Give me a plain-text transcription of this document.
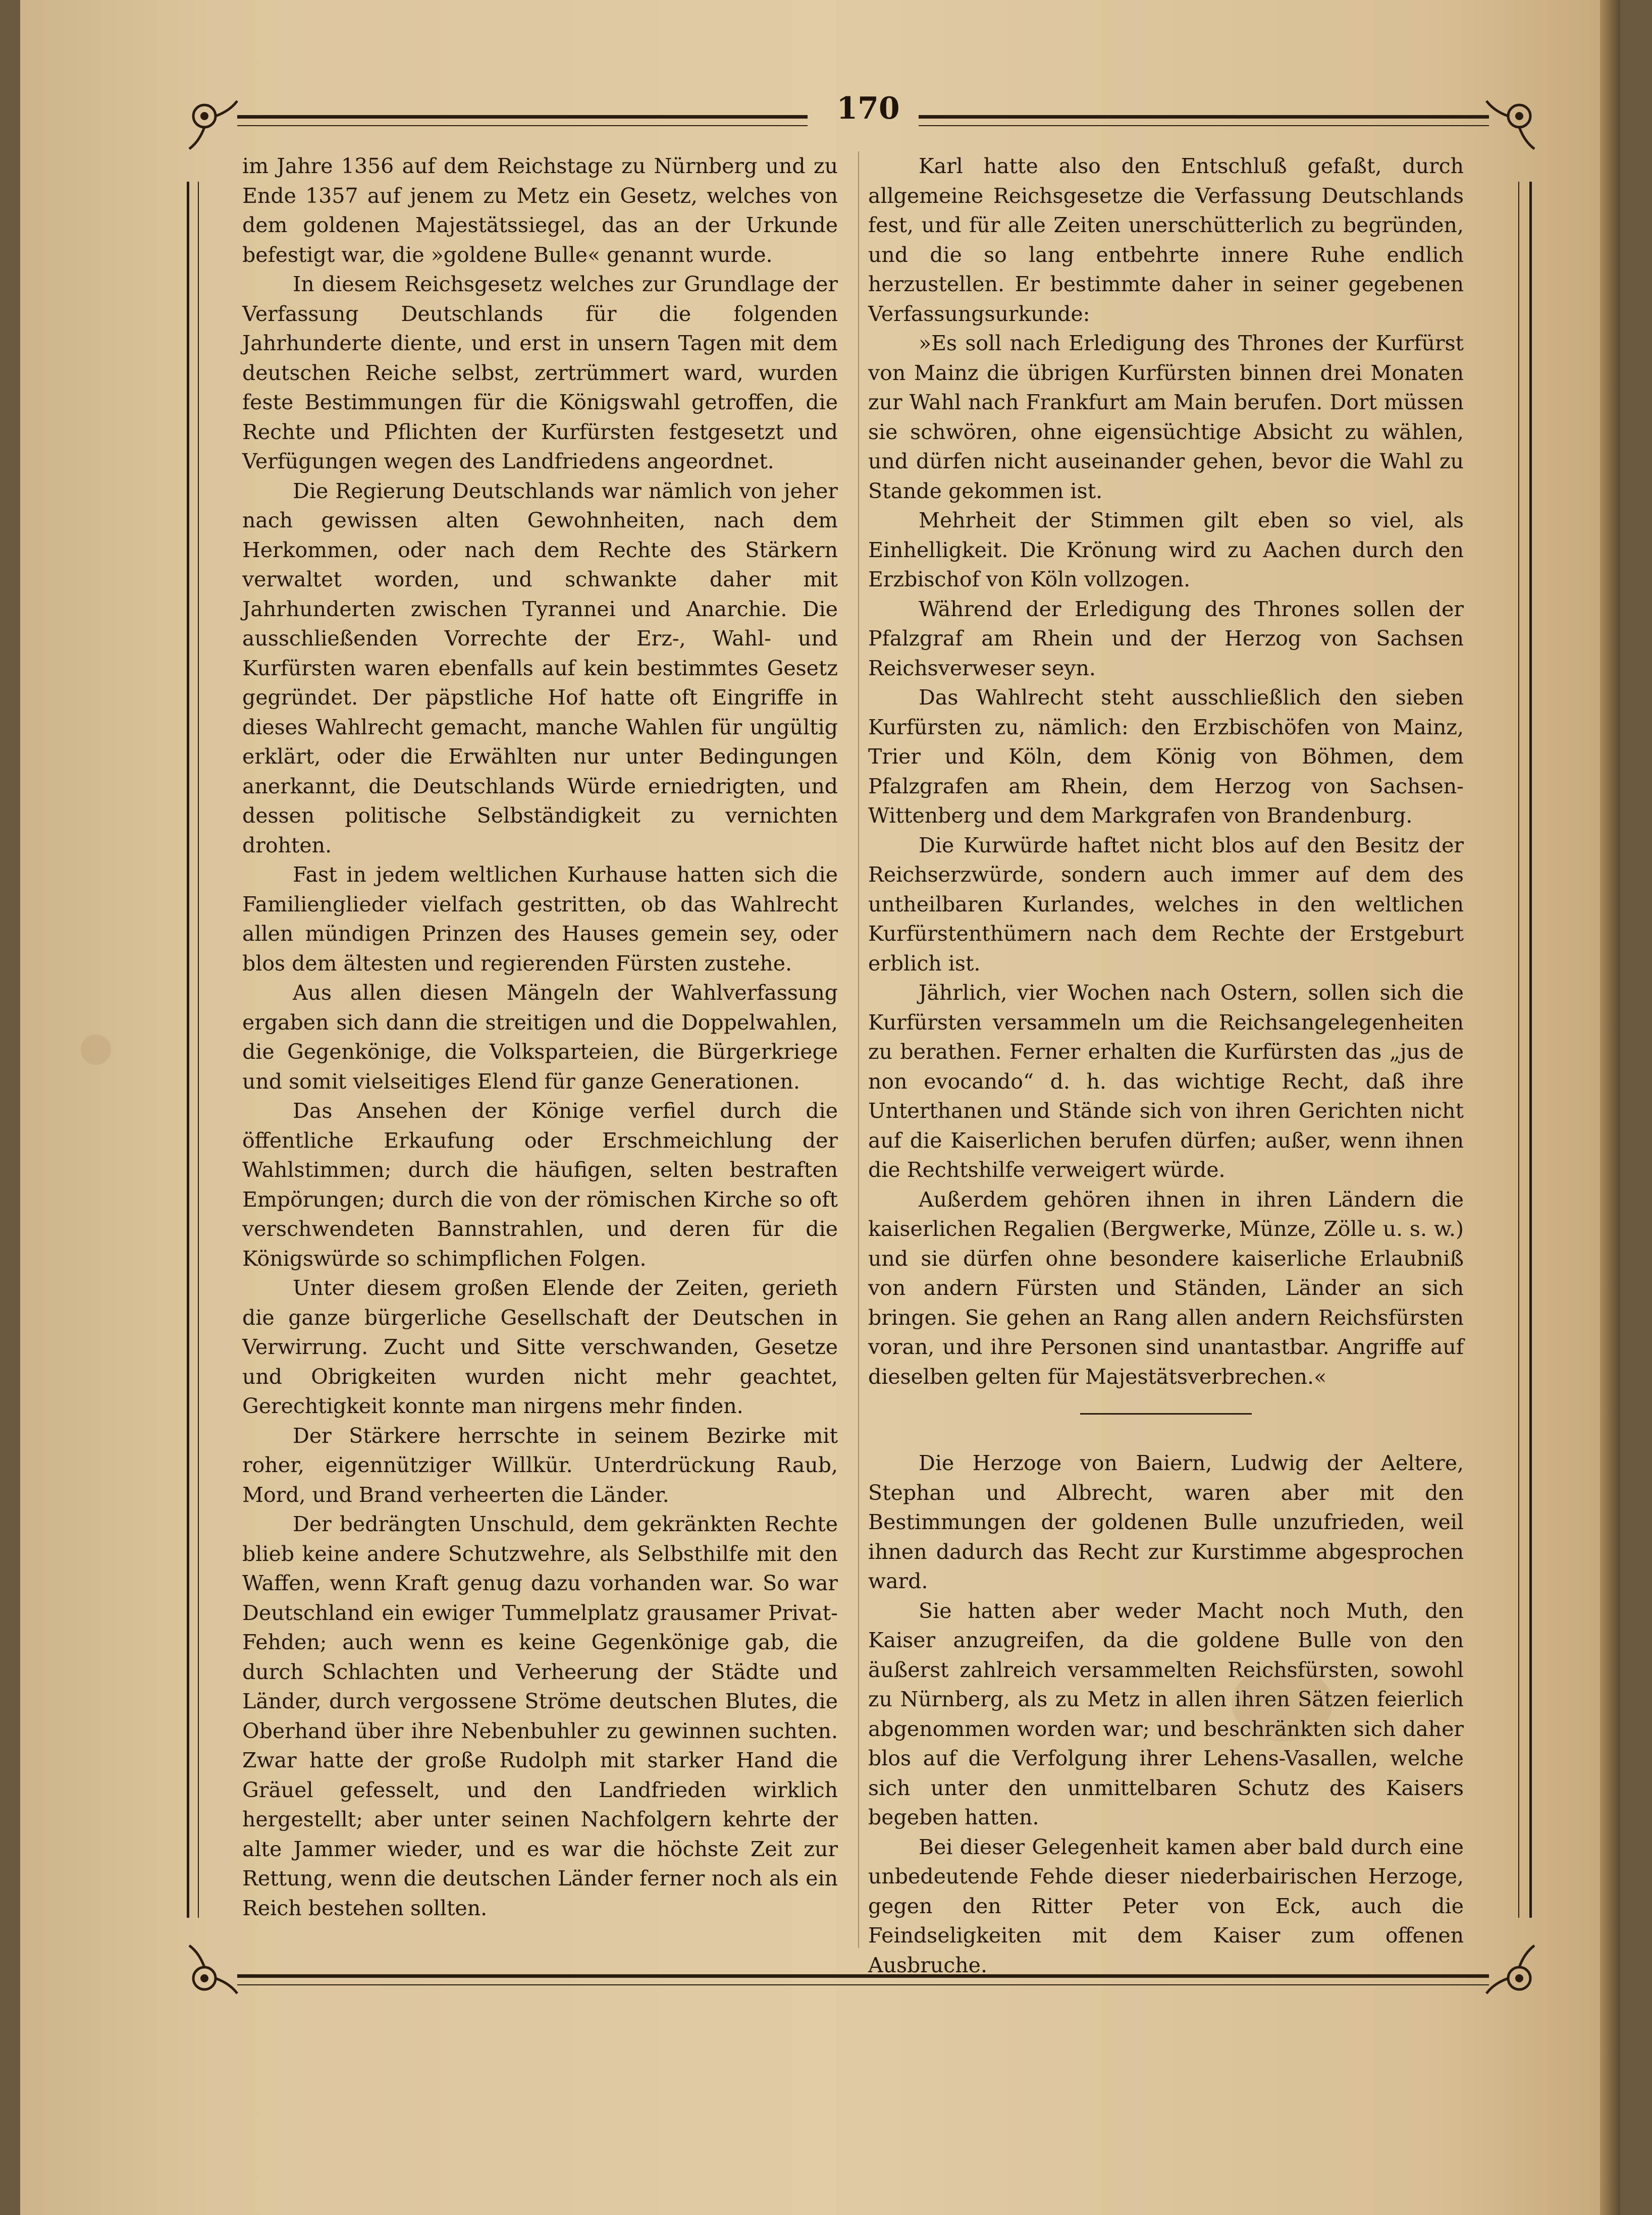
170

im Jahre 1356 auf dem Reichstage zu Nürnberg und zu Ende 1357 auf jenem zu Metz ein Gesetz, welches von dem goldenen Majestätssiegel, das an der Urkunde befestigt war, die »goldene Bulle« genannt wurde.

In diesem Reichsgesetz welches zur Grundlage der Verfassung Deutschlands für die folgenden Jahrhunderte diente, und erst in unsern Tagen mit dem deutschen Reiche selbst, zertrümmert ward, wurden feste Bestimmungen für die Königswahl getroffen, die Rechte und Pflichten der Kurfürsten festgesetzt und Verfügungen wegen des Landfriedens angeordnet.

Die Regierung Deutschlands war nämlich von jeher nach gewissen alten Gewohnheiten, nach dem Herkommen, oder nach dem Rechte des Stärkern verwaltet worden, und schwankte daher mit Jahrhunderten zwischen Tyrannei und Anarchie. Die ausschließenden Vorrechte der Erz-, Wahl- und Kurfürsten waren ebenfalls auf kein bestimmtes Gesetz gegründet. Der päpstliche Hof hatte oft Eingriffe in dieses Wahlrecht gemacht, manche Wahlen für ungültig erklärt, oder die Erwählten nur unter Bedingungen anerkannt, die Deutschlands Würde erniedrigten, und dessen politische Selbständigkeit zu vernichten drohten.

Fast in jedem weltlichen Kurhause hatten sich die Familienglieder vielfach gestritten, ob das Wahlrecht allen mündigen Prinzen des Hauses gemein sey, oder blos dem ältesten und regierenden Fürsten zustehe.

Aus allen diesen Mängeln der Wahlverfassung ergaben sich dann die streitigen und die Doppelwahlen, die Gegenkönige, die Volksparteien, die Bürgerkriege und somit vielseitiges Elend für ganze Generationen.

Das Ansehen der Könige verfiel durch die öffentliche Erkaufung oder Erschmeichlung der Wahlstimmen; durch die häufigen, selten bestraften Empörungen; durch die von der römischen Kirche so oft verschwendeten Bannstrahlen, und deren für die Königswürde so schimpflichen Folgen.

Unter diesem großen Elende der Zeiten, gerieth die ganze bürgerliche Gesellschaft der Deutschen in Verwirrung. Zucht und Sitte verschwanden, Gesetze und Obrigkeiten wurden nicht mehr geachtet, Gerechtigkeit konnte man nirgens mehr finden.

Der Stärkere herrschte in seinem Bezirke mit roher, eigennütziger Willkür. Unterdrückung Raub, Mord, und Brand verheerten die Länder.

Der bedrängten Unschuld, dem gekränkten Rechte blieb keine andere Schutzwehre, als Selbsthilfe mit den Waffen, wenn Kraft genug dazu vorhanden war. So war Deutschland ein ewiger Tummelplatz grausamer Privat-Fehden; auch wenn es keine Gegenkönige gab, die durch Schlachten und Verheerung der Städte und Länder, durch vergossene Ströme deutschen Blutes, die Oberhand über ihre Nebenbuhler zu gewinnen suchten. Zwar hatte der große Rudolph mit starker Hand die Gräuel gefesselt, und den Landfrieden wirklich hergestellt; aber unter seinen Nachfolgern kehrte der alte Jammer wieder, und es war die höchste Zeit zur Rettung, wenn die deutschen Länder ferner noch als ein Reich bestehen sollten.

Karl hatte also den Entschluß gefaßt, durch allgemeine Reichsgesetze die Verfassung Deutschlands fest, und für alle Zeiten unerschütterlich zu begründen, und die so lang entbehrte innere Ruhe endlich herzustellen. Er bestimmte daher in seiner gegebenen Verfassungsurkunde:

»Es soll nach Erledigung des Thrones der Kurfürst von Mainz die übrigen Kurfürsten binnen drei Monaten zur Wahl nach Frankfurt am Main berufen. Dort müssen sie schwören, ohne eigensüchtige Absicht zu wählen, und dürfen nicht auseinander gehen, bevor die Wahl zu Stande gekommen ist.

Mehrheit der Stimmen gilt eben so viel, als Einhelligkeit. Die Krönung wird zu Aachen durch den Erzbischof von Köln vollzogen.

Während der Erledigung des Thrones sollen der Pfalzgraf am Rhein und der Herzog von Sachsen Reichsverweser seyn.

Das Wahlrecht steht ausschließlich den sieben Kurfürsten zu, nämlich: den Erzbischöfen von Mainz, Trier und Köln, dem König von Böhmen, dem Pfalzgrafen am Rhein, dem Herzog von Sachsen-Wittenberg und dem Markgrafen von Brandenburg.

Die Kurwürde haftet nicht blos auf den Besitz der Reichserzwürde, sondern auch immer auf dem des untheilbaren Kurlandes, welches in den weltlichen Kurfürstenthümern nach dem Rechte der Erstgeburt erblich ist.

Jährlich, vier Wochen nach Ostern, sollen sich die Kurfürsten versammeln um die Reichsangelegenheiten zu berathen. Ferner erhalten die Kurfürsten das „jus de non evocando“ d. h. das wichtige Recht, daß ihre Unterthanen und Stände sich von ihren Gerichten nicht auf die Kaiserlichen berufen dürfen; außer, wenn ihnen die Rechtshilfe verweigert würde.

Außerdem gehören ihnen in ihren Ländern die kaiserlichen Regalien (Bergwerke, Münze, Zölle u. s. w.) und sie dürfen ohne besondere kaiserliche Erlaubniß von andern Fürsten und Ständen, Länder an sich bringen. Sie gehen an Rang allen andern Reichsfürsten voran, und ihre Personen sind unantastbar. Angriffe auf dieselben gelten für Majestätsverbrechen.«

Die Herzoge von Baiern, Ludwig der Aeltere, Stephan und Albrecht, waren aber mit den Bestimmungen der goldenen Bulle unzufrieden, weil ihnen dadurch das Recht zur Kurstimme abgesprochen ward.

Sie hatten aber weder Macht noch Muth, den Kaiser anzugreifen, da die goldene Bulle von den äußerst zahlreich versammelten Reichsfürsten, sowohl zu Nürnberg, als zu Metz in allen ihren Sätzen feierlich abgenommen worden war; und beschränkten sich daher blos auf die Verfolgung ihrer Lehens-Vasallen, welche sich unter den unmittelbaren Schutz des Kaisers begeben hatten.

Bei dieser Gelegenheit kamen aber bald durch eine unbedeutende Fehde dieser niederbairischen Herzoge, gegen den Ritter Peter von Eck, auch die Feindseligkeiten mit dem Kaiser zum offenen Ausbruche.
